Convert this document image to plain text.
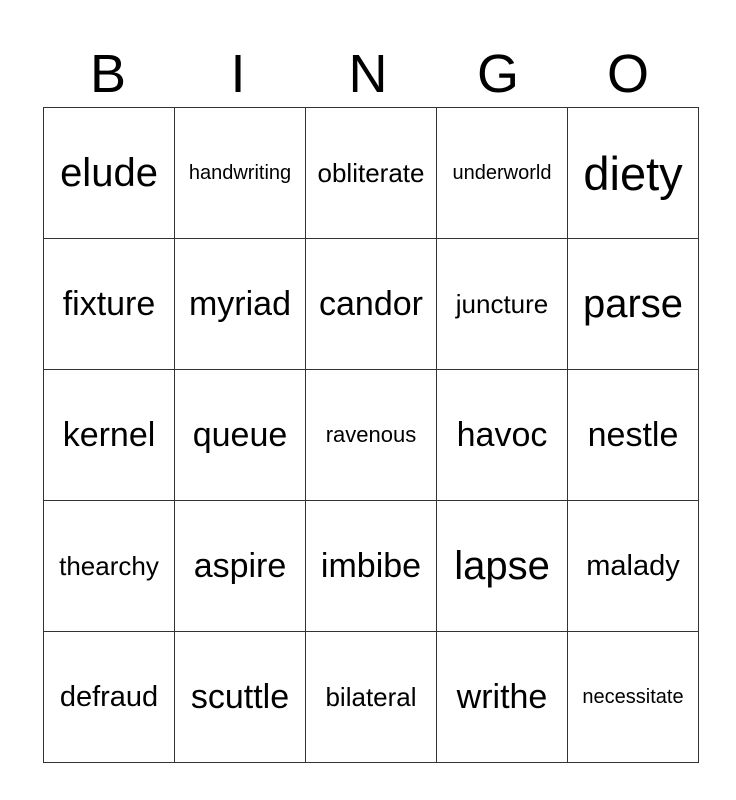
B	I	N	G	O
elude	handwriting	obliterate	underworld	diety
fixture	myriad	candor	juncture	parse
kernel	queue	ravenous	havoc	nestle
thearchy	aspire	imbibe	lapse	malady
defraud	scuttle	bilateral	writhe	necessitate
